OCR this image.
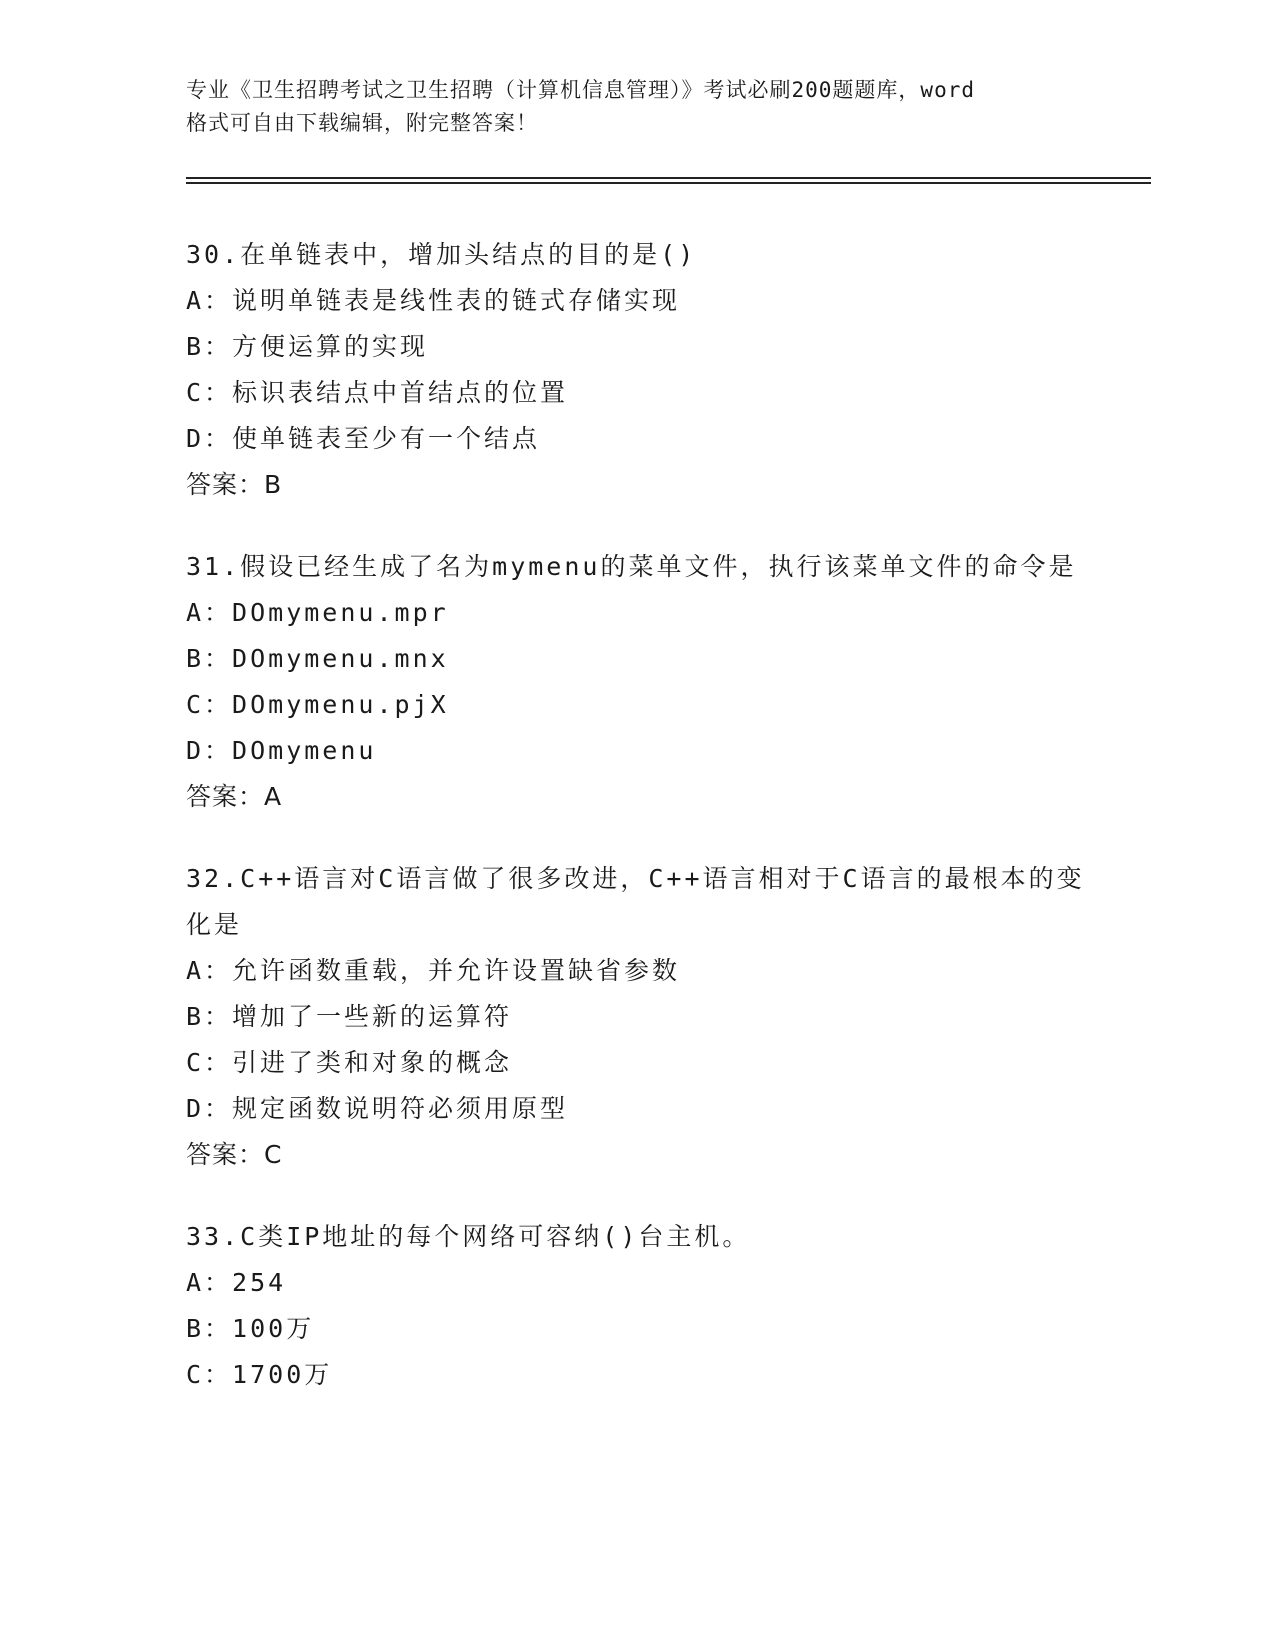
专业《卫生招聘考试之卫生招聘（计算机信息管理）》考试必刷200题题库，word
格式可自由下载编辑，附完整答案！

30.在单链表中，增加头结点的目的是()

A：说明单链表是线性表的链式存储实现

B：方便运算的实现

C：标识表结点中首结点的位置

D：使单链表至少有一个结点

答案：B

31.假设已经生成了名为mymenu的菜单文件，执行该菜单文件的命令是

A：DOmymenu.mpr

B：DOmymenu.mnx

C：DOmymenu.pjX

D：DOmymenu

答案：A

32.C++语言对C语言做了很多改进，C++语言相对于C语言的最根本的变化是

A：允许函数重载，并允许设置缺省参数

B：增加了一些新的运算符

C：引进了类和对象的概念

D：规定函数说明符必须用原型

答案：C

33.C类IP地址的每个网络可容纳()台主机。

A：254

B：100万

C：1700万
